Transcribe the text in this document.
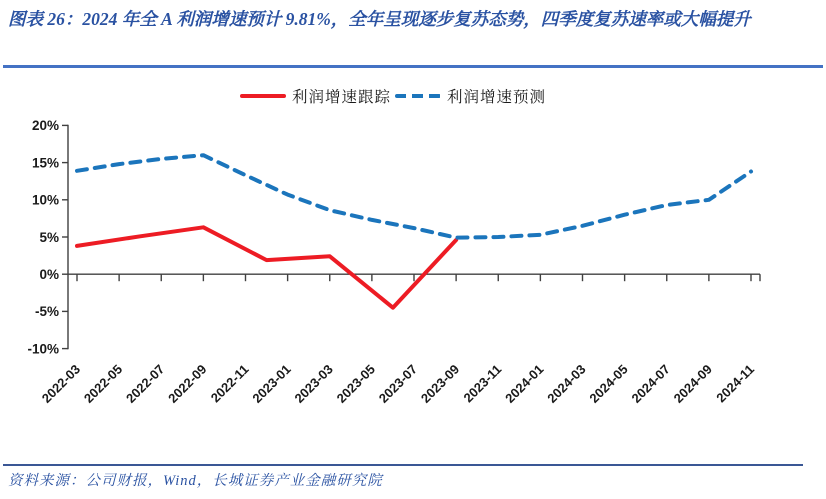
图表 26：2024 年全 A 利润增速预计 9.81%，全年呈现逐步复苏态势，四季度复苏速率或大幅提升
20%
15%
10%
5%
0%
-5%
-10%
2022-03
2022-05
2022-07
2022-09
2022-11
2023-01
2023-03
2023-05
2023-07
2023-09
2023-11
2024-01
2024-03
2024-05
2024-07
2024-09
2024-11
利润增速跟踪	利润增速预测
资料来源：公司财报，Wind，长城证券产业金融研究院
